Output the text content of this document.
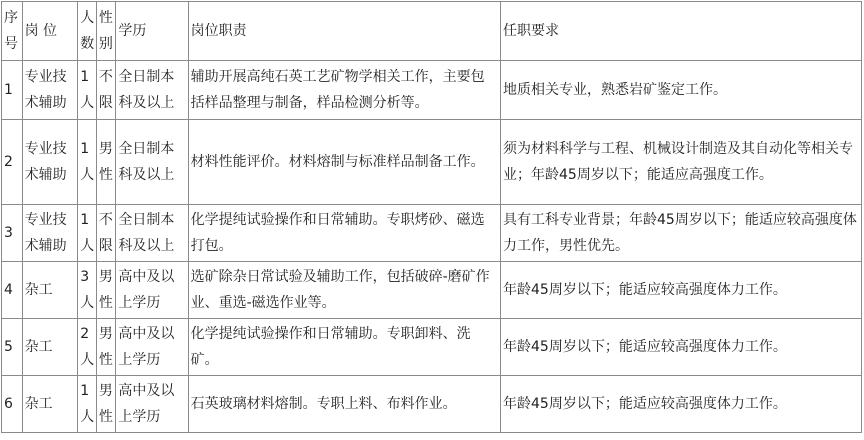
序号	岗 位	人数	性别	学历	岗位职责	任职要求
1	专业技术辅助	1人	不限	全日制本科及以上	辅助开展高纯石英工艺矿物学相关工作，主要包括样品整理与制备，样品检测分析等。	地质相关专业，熟悉岩矿鉴定工作。
2	专业技术辅助	1人	男性	全日制本科及以上	材料性能评价。材料熔制与标准样品制备工作。	须为材料科学与工程、机械设计制造及其自动化等相关专业；年龄45周岁以下；能适应高强度工作。
3	专业技术辅助	1人	不限	全日制本科及以上	化学提纯试验操作和日常辅助。专职烤砂、磁选打包。	具有工科专业背景；年龄45周岁以下；能适应较高强度体力工作，男性优先。
4	杂工	3人	男性	高中及以上学历	选矿除杂日常试验及辅助工作，包括破碎-磨矿作业、重选-磁选作业等。	年龄45周岁以下；能适应较高强度体力工作。
5	杂工	2人	男性	高中及以上学历	化学提纯试验操作和日常辅助。专职卸料、洗矿。	年龄45周岁以下；能适应较高强度体力工作。
6	杂工	1人	男性	高中及以上学历	石英玻璃材料熔制。专职上料、布料作业。	年龄45周岁以下；能适应较高强度体力工作。
